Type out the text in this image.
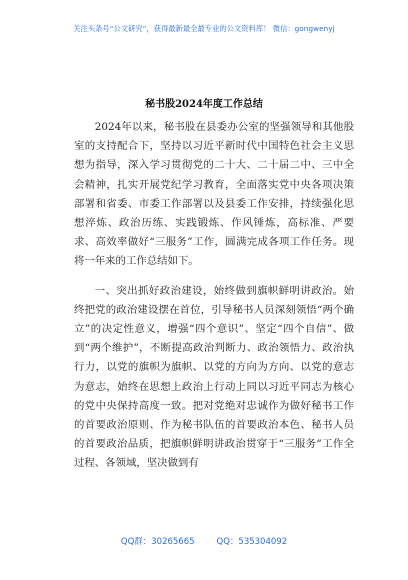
关注头条号“公文研究”，获得最新最全最专业的公文资料库！ 微信：gongwenyj
秘书股2024年度工作总结

2024年以来，秘书股在县委办公室的坚强领导和其他股室的支持配合下，坚持以习近平新时代中国特色社会主义思想为指导，深入学习贯彻党的二十大、二十届二中、三中全会精神，扎实开展党纪学习教育，全面落实党中央各项决策部署和省委、市委工作部署以及县委工作安排，持续强化思想淬炼、政治历练、实践锻炼、作风锤炼，高标准、严要求、高效率做好“三服务”工作，圆满完成各项工作任务。现将一年来的工作总结如下。

一、突出抓好政治建设，始终做到旗帜鲜明讲政治。始终把党的政治建设摆在首位，引导秘书人员深刻领悟“两个确立”的决定性意义，增强“四个意识”、坚定“四个自信”、做到“两个维护”，不断提高政治判断力、政治领悟力、政治执行力，以党的旗帜为旗帜、以党的方向为方向、以党的意志为意志，始终在思想上政治上行动上同以习近平同志为核心的党中央保持高度一致。把对党绝对忠诚作为做好秘书工作的首要政治原则、作为秘书队伍的首要政治本色、秘书人员的首要政治品质，把旗帜鲜明讲政治贯穿于“三服务”工作全过程、各领域，坚决做到有

QQ群：30265665	QQ：535304092
